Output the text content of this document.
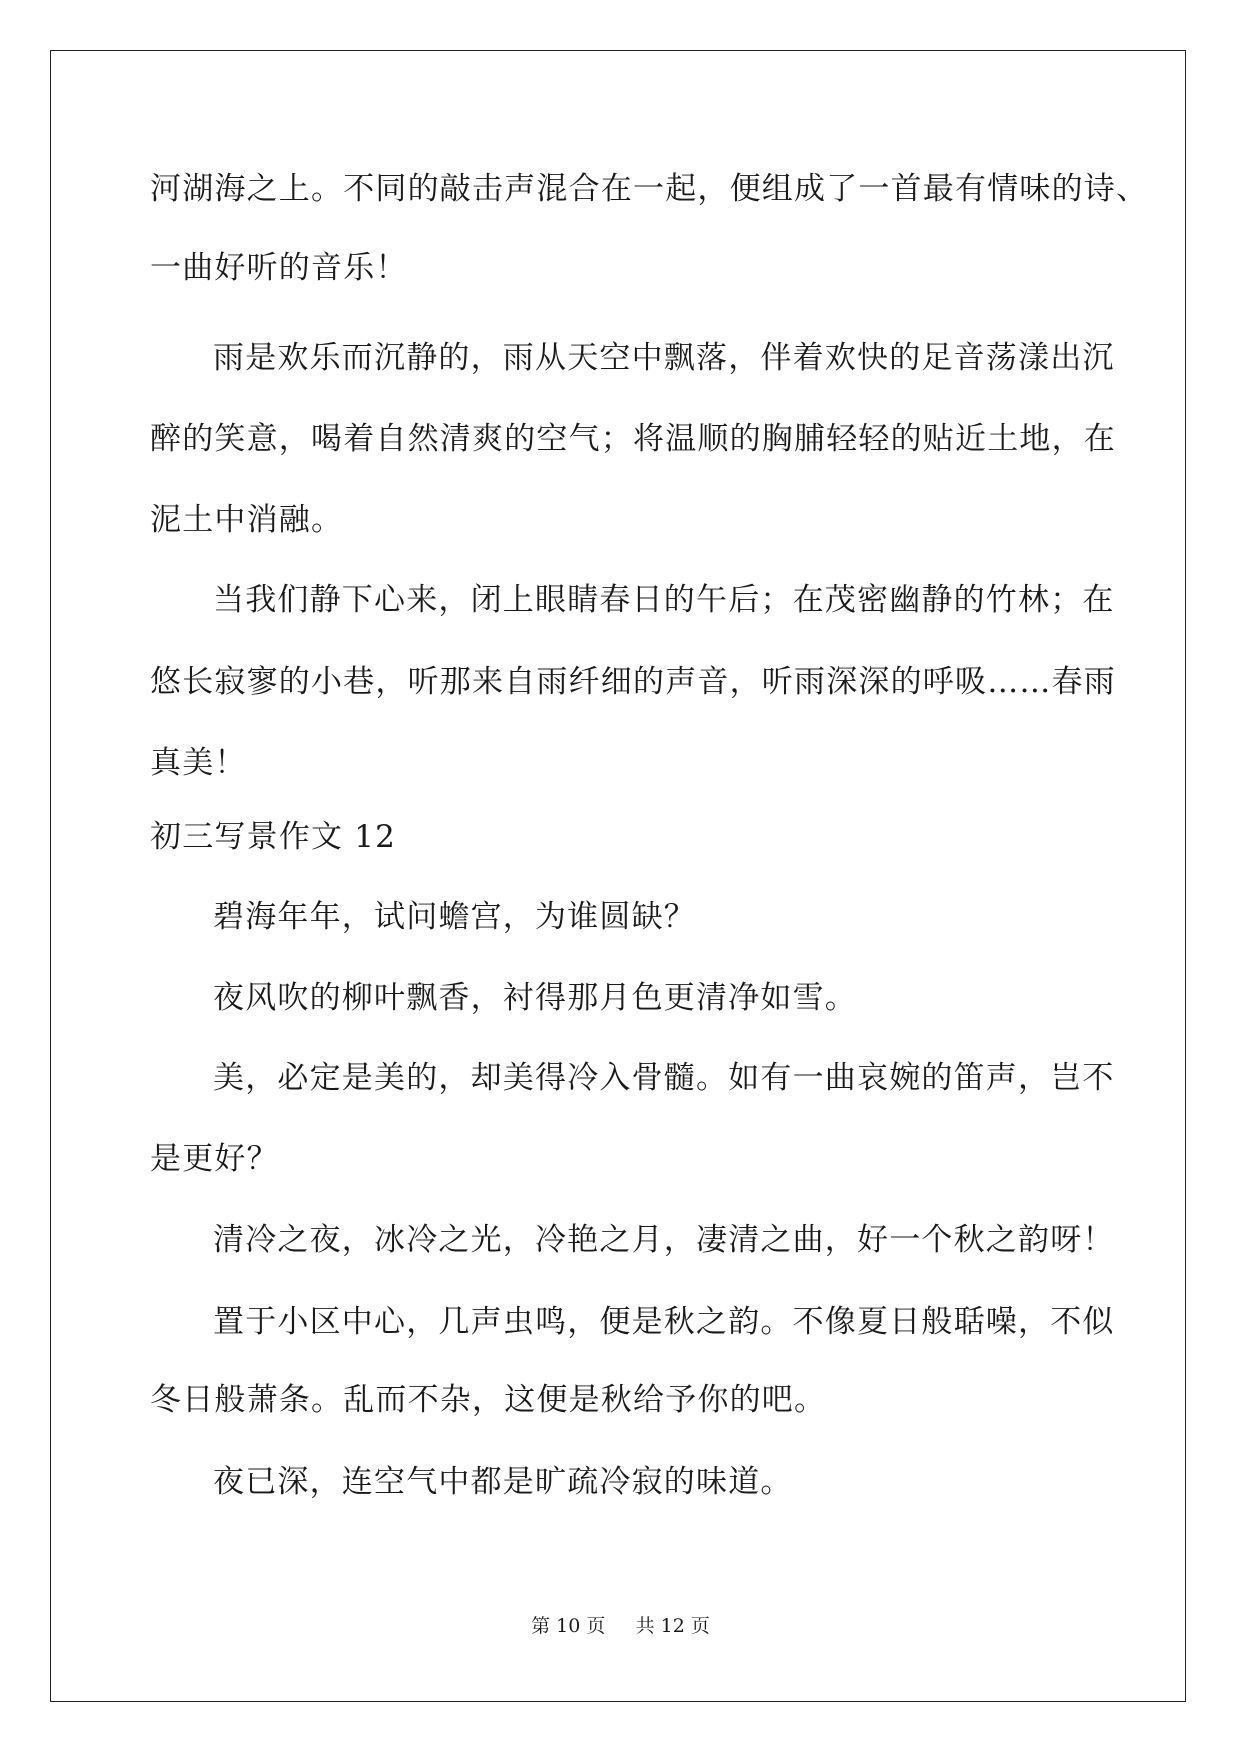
河湖海之上。不同的敲击声混合在一起，便组成了一首最有情味的诗、
一曲好听的音乐！
雨是欢乐而沉静的，雨从天空中飘落，伴着欢快的足音荡漾出沉
醉的笑意，喝着自然清爽的空气；将温顺的胸脯轻轻的贴近土地，在
泥土中消融。
当我们静下心来，闭上眼睛春日的午后；在茂密幽静的竹林；在
悠长寂寥的小巷，听那来自雨纤细的声音，听雨深深的呼吸……春雨
真美！
初三写景作文 12
碧海年年，试问蟾宫，为谁圆缺？
夜风吹的柳叶飘香，衬得那月色更清净如雪。
美，必定是美的，却美得冷入骨髓。如有一曲哀婉的笛声，岂不
是更好？
清冷之夜，冰冷之光，冷艳之月，凄清之曲，好一个秋之韵呀！
置于小区中心，几声虫鸣，便是秋之韵。不像夏日般聒噪，不似
冬日般萧条。乱而不杂，这便是秋给予你的吧。
夜已深，连空气中都是旷疏冷寂的味道。
第 10 页 共 12 页
